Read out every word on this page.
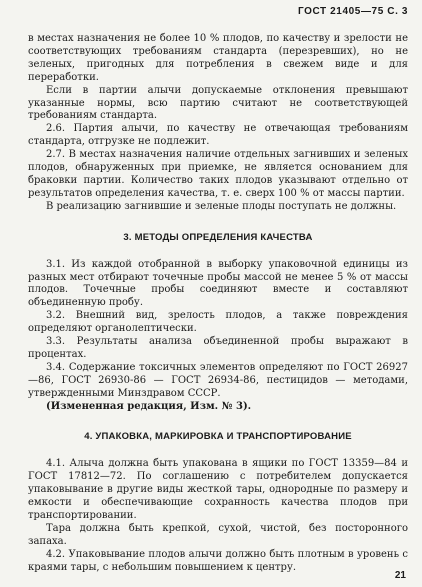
ГОСТ 21405—75 С. 3

в местах назначения не более 10 % плодов, по качеству и зрелости не соответствующих требованиям стандарта (перезревших), но не зеленых, пригодных для потребления в свежем виде и для переработки.

Если в партии алычи допускаемые отклонения превышают указанные нормы, всю партию считают не соответствующей требованиям стандарта.

2.6. Партия алычи, по качеству не отвечающая требованиям стандарта, отгрузке не подлежит.

2.7. В местах назначения наличие отдельных загнивших и зеленых плодов, обнаруженных при приемке, не является основанием для браковки партии. Количество таких плодов указывают отдельно от результатов определения качества, т. е. сверх 100 % от массы партии.

В реализацию загнившие и зеленые плоды поступать не должны.

3. МЕТОДЫ ОПРЕДЕЛЕНИЯ КАЧЕСТВА

3.1. Из каждой отобранной в выборку упаковочной единицы из разных мест отбирают точечные пробы массой не менее 5 % от массы плодов. Точечные пробы соединяют вместе и составляют объединенную пробу.

3.2. Внешний вид, зрелость плодов, а также повреждения определяют органолептически.

3.3. Результаты анализа объединенной пробы выражают в процентах.

3.4. Содержание токсичных элементов определяют по ГОСТ 26927—86, ГОСТ 26930-86 — ГОСТ 26934-86, пестицидов — методами, утвержденными Минздравом СССР.

(Измененная редакция, Изм. № 3).

4. УПАКОВКА, МАРКИРОВКА И ТРАНСПОРТИРОВАНИЕ

4.1. Алыча должна быть упакована в ящики по ГОСТ 13359—84 и ГОСТ 17812—72. По соглашению с потребителем допускается упаковывание в другие виды жесткой тары, однородные по размеру и емкости и обеспечивающие сохранность качества плодов при транспортировании.

Тара должна быть крепкой, сухой, чистой, без посторонного запаха.

4.2. Упаковывание плодов алычи должно быть плотным в уровень с краями тары, с небольшим повышением к центру.

21
